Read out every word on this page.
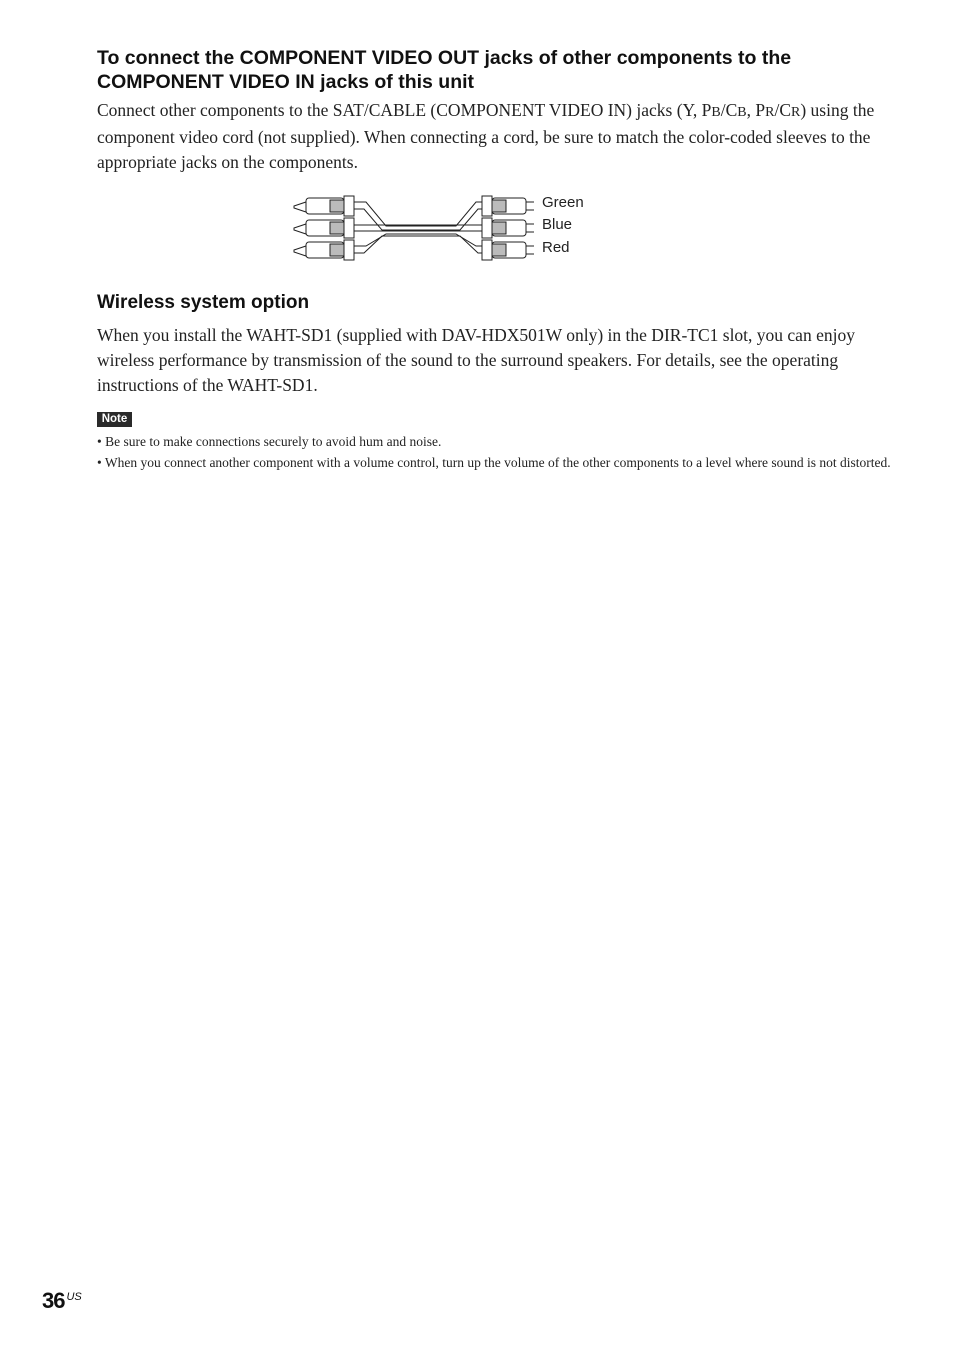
To connect the COMPONENT VIDEO OUT jacks of other components to the COMPONENT VIDEO IN jacks of this unit

Connect other components to the SAT/CABLE (COMPONENT VIDEO IN) jacks (Y, PB/CB, PR/CR) using the component video cord (not supplied). When connecting a cord, be sure to match the color-coded sleeves to the appropriate jacks on the components.

Green
Blue
Red
Wireless system option

When you install the WAHT-SD1 (supplied with DAV-HDX501W only) in the DIR-TC1 slot, you can enjoy wireless performance by transmission of the sound to the surround speakers. For details, see the operating instructions of the WAHT-SD1.

Note
• Be sure to make connections securely to avoid hum and noise.
• When you connect another component with a volume control, turn up the volume of the other components to a level where sound is not distorted.
36 $^{US}$
